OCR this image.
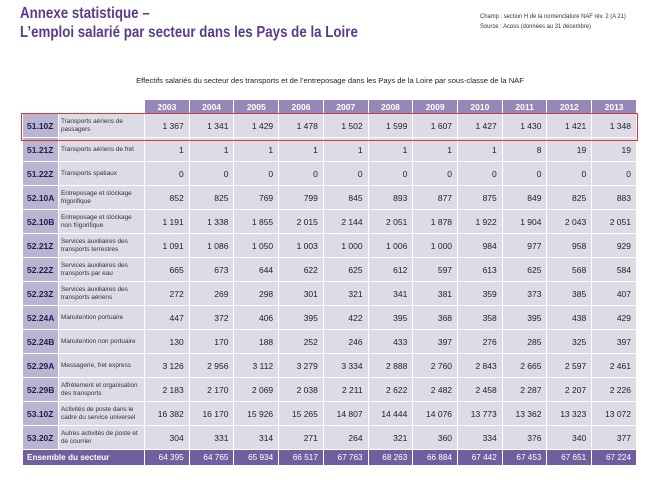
Annexe statistique –
L’emploi salarié par secteur dans les Pays de la Loire
Champ : section H de la nomenclature NAF rév. 2 (A 21)
Source : Acoss (données au 31 décembre)
Effectifs salariés du secteur des transports et de l’entreposage dans les Pays de la Loire par sous-classe de la NAF
		2003	2004	2005	2006	2007	2008	2009	2010	2011	2012	2013
51.10Z	Transports aériens de passagers	1 367	1 341	1 429	1 478	1 502	1 599	1 607	1 427	1 430	1 421	1 348
51.21Z	Transports aériens de fret	1	1	1	1	1	1	1	1	8	19	19
51.22Z	Transports spatiaux	0	0	0	0	0	0	0	0	0	0	0
52.10A	Entreposage et stockage frigorifique	852	825	769	799	845	893	877	875	849	825	883
52.10B	Entreposage et stockage non frigorifique	1 191	1 338	1 855	2 015	2 144	2 051	1 878	1 922	1 904	2 043	2 051
52.21Z	Services auxiliaires des transports terrestres	1 091	1 086	1 050	1 003	1 000	1 006	1 000	984	977	958	929
52.22Z	Services auxiliaires des transports par eau	665	673	644	622	625	612	597	613	625	568	584
52.23Z	Services auxiliaires des transports aériens	272	269	298	301	321	341	381	359	373	385	407
52.24A	Manutention portuaire	447	372	406	395	422	395	368	358	395	438	429
52.24B	Manutention non portuaire	130	170	188	252	246	433	397	276	285	325	397
52.29A	Messagerie, fret express	3 126	2 956	3 112	3 279	3 334	2 888	2 760	2 843	2 665	2 597	2 461
52.29B	Affrètement et organisation des transports	2 183	2 170	2 069	2 038	2 211	2 622	2 482	2 458	2 287	2 207	2 226
53.10Z	Activités de poste dans le cadre du service universel	16 382	16 170	15 926	15 265	14 807	14 444	14 076	13 773	13 362	13 323	13 072
53.20Z	Autres activités de poste et de courrier	304	331	314	271	264	321	360	334	376	340	377
Ensemble du secteur		64 395	64 765	65 934	66 517	67 763	68 263	66 884	67 442	67 453	67 651	67 224
